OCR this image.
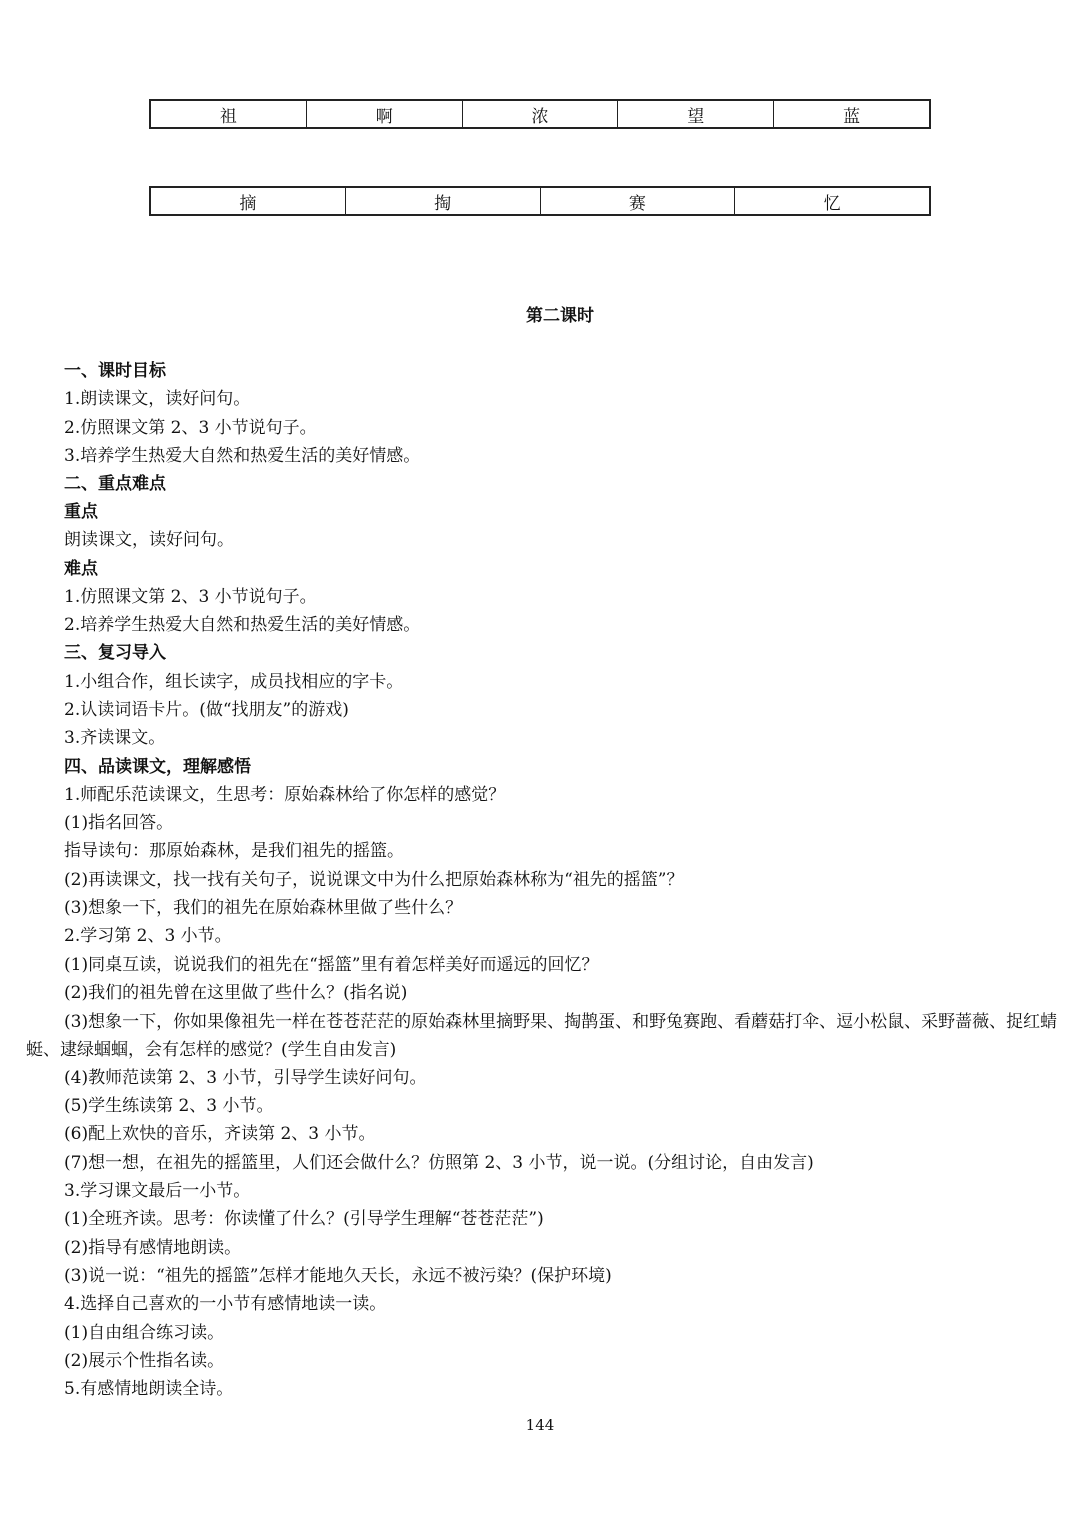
祖	啊	浓	望	蓝
摘	掏	赛	忆
第二课时
一、课时目标
1.朗读课文，读好问句。
2.仿照课文第 2、3 小节说句子。
3.培养学生热爱大自然和热爱生活的美好情感。
二、重点难点
重点
朗读课文，读好问句。
难点
1.仿照课文第 2、3 小节说句子。
2.培养学生热爱大自然和热爱生活的美好情感。
三、复习导入
1.小组合作，组长读字，成员找相应的字卡。
2.认读词语卡片。(做“找朋友”的游戏)
3.齐读课文。
四、品读课文，理解感悟
1.师配乐范读课文，生思考：原始森林给了你怎样的感觉？
(1)指名回答。
指导读句：那原始森林，是我们祖先的摇篮。
(2)再读课文，找一找有关句子，说说课文中为什么把原始森林称为“祖先的摇篮”？
(3)想象一下，我们的祖先在原始森林里做了些什么？
2.学习第 2、3 小节。
(1)同桌互读，说说我们的祖先在“摇篮”里有着怎样美好而遥远的回忆？
(2)我们的祖先曾在这里做了些什么？(指名说)
(3)想象一下，你如果像祖先一样在苍苍茫茫的原始森林里摘野果、掏鹊蛋、和野兔赛跑、看蘑菇打伞、逗小松鼠、采野蔷薇、捉红蜻蜓、逮绿蝈蝈，会有怎样的感觉？(学生自由发言)
(4)教师范读第 2、3 小节，引导学生读好问句。
(5)学生练读第 2、3 小节。
(6)配上欢快的音乐，齐读第 2、3 小节。
(7)想一想，在祖先的摇篮里，人们还会做什么？仿照第 2、3 小节，说一说。(分组讨论，自由发言)
3.学习课文最后一小节。
(1)全班齐读。思考：你读懂了什么？(引导学生理解“苍苍茫茫”)
(2)指导有感情地朗读。
(3)说一说：“祖先的摇篮”怎样才能地久天长，永远不被污染？(保护环境)
4.选择自己喜欢的一小节有感情地读一读。
(1)自由组合练习读。
(2)展示个性指名读。
5.有感情地朗读全诗。
144
